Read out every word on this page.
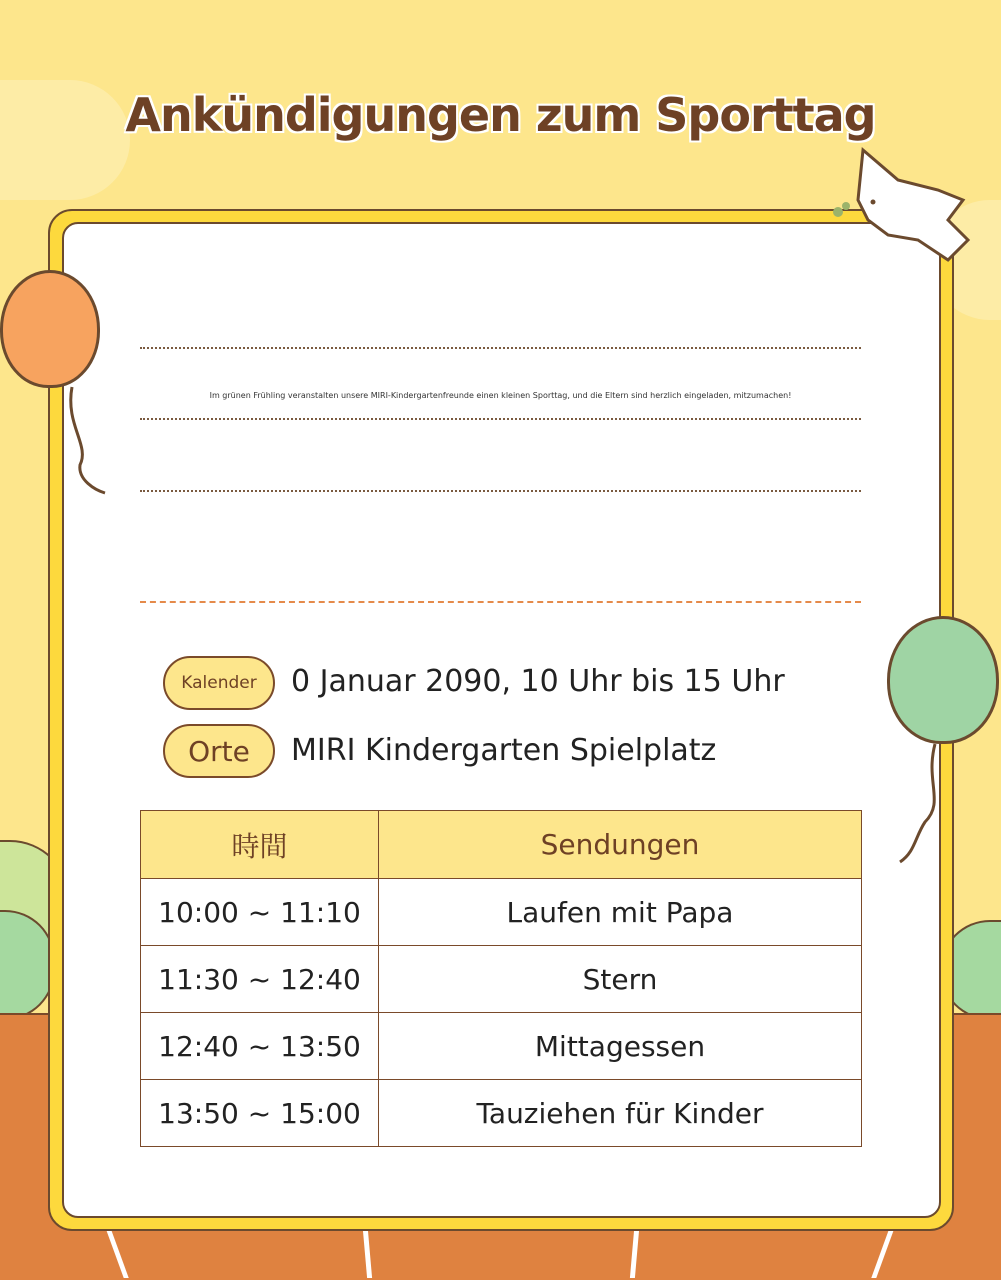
Ankündigungen zum Sporttag
Im grünen Frühling veranstalten unsere MIRI-Kindergartenfreunde einen kleinen Sporttag, und die Eltern sind herzlich eingeladen, mitzumachen!
Kalender	0 Januar 2090, 10 Uhr bis 15 Uhr
Orte	MIRI Kindergarten Spielplatz
時間	Sendungen
10:00 ~ 11:10	Laufen mit Papa
11:30 ~ 12:40	Stern
12:40 ~ 13:50	Mittagessen
13:50 ~ 15:00	Tauziehen für Kinder
